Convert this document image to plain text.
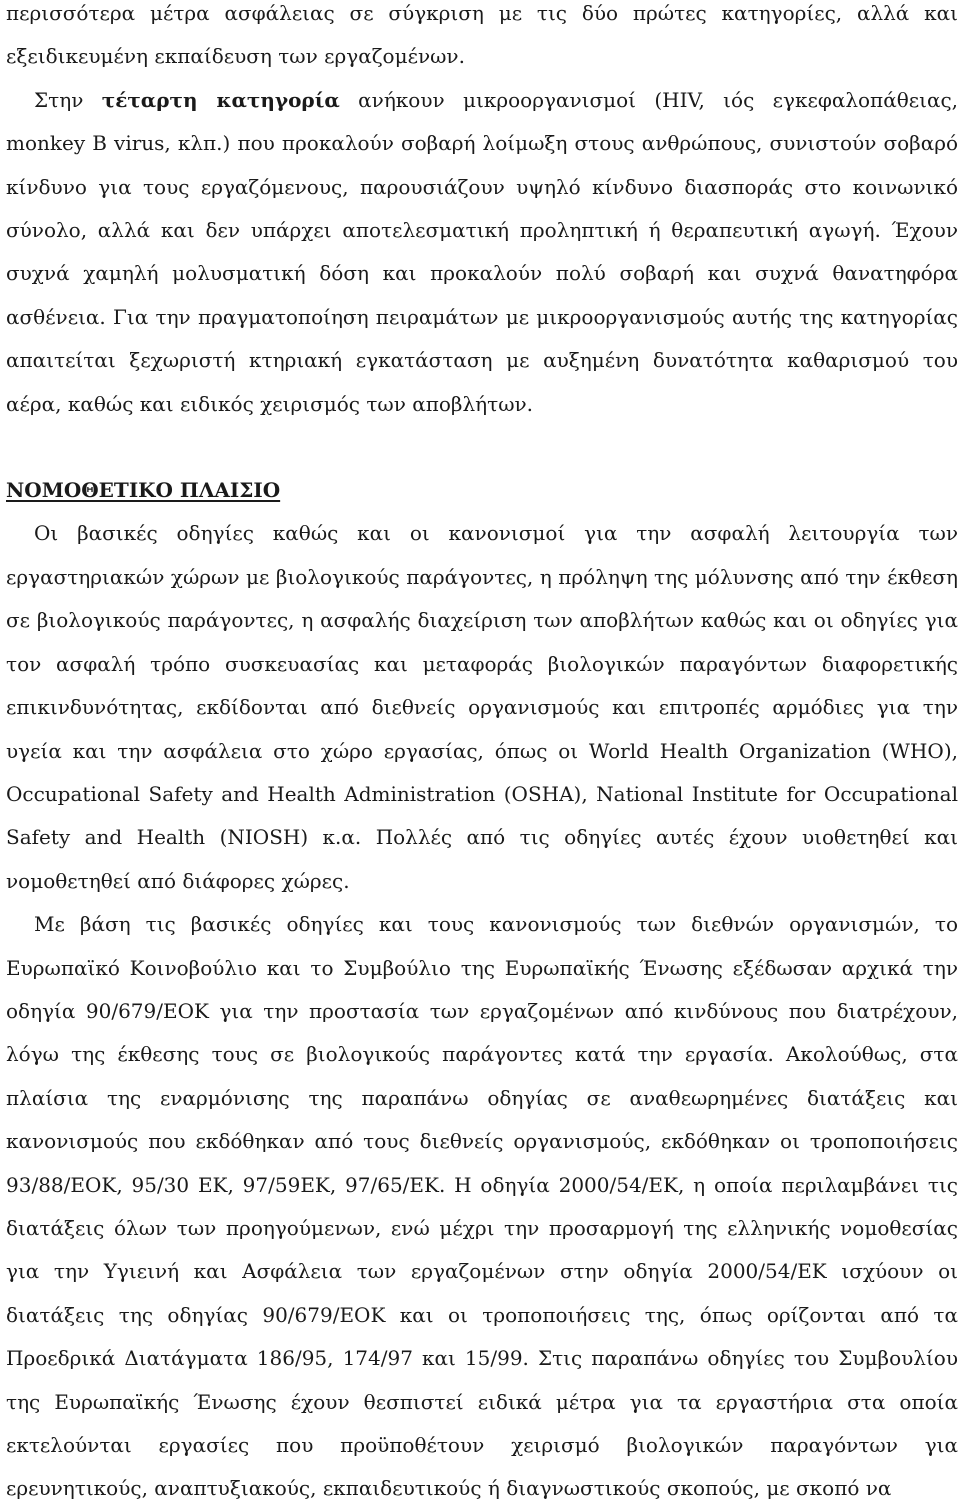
περισσότερα μέτρα ασφάλειας σε σύγκριση με τις δύο πρώτες κατηγορίες, αλλά και εξειδικευμένη εκπαίδευση των εργαζομένων.

Στην τέταρτη κατηγορία ανήκουν μικροοργανισμοί (HIV, ιός εγκεφαλοπάθειας, monkey B virus, κλπ.) που προκαλούν σοβαρή λοίμωξη στους ανθρώπους, συνιστούν σοβαρό κίνδυνο για τους εργαζόμενους, παρουσιάζουν υψηλό κίνδυνο διασποράς στο κοινωνικό σύνολο, αλλά και δεν υπάρχει αποτελεσματική προληπτική ή θεραπευτική αγωγή. Έχουν συχνά χαμηλή μολυσματική δόση και προκαλούν πολύ σοβαρή και συχνά θανατηφόρα ασθένεια. Για την πραγματοποίηση πειραμάτων με μικροοργανισμούς αυτής της κατηγορίας απαιτείται ξεχωριστή κτηριακή εγκατάσταση με αυξημένη δυνατότητα καθαρισμού του αέρα, καθώς και ειδικός χειρισμός των αποβλήτων.

ΝΟΜΟΘΕΤΙΚΟ ΠΛΑΙΣΙΟ

Οι βασικές οδηγίες καθώς και οι κανονισμοί για την ασφαλή λειτουργία των εργαστηριακών χώρων με βιολογικούς παράγοντες, η πρόληψη της μόλυνσης από την έκθεση σε βιολογικούς παράγοντες, η ασφαλής διαχείριση των αποβλήτων καθώς και οι οδηγίες για τον ασφαλή τρόπο συσκευασίας και μεταφοράς βιολογικών παραγόντων διαφορετικής επικινδυνότητας, εκδίδονται από διεθνείς οργανισμούς και επιτροπές αρμόδιες για την υγεία και την ασφάλεια στο χώρο εργασίας, όπως οι World Health Organization (WHO), Occupational Safety and Health Administration (OSHA), National Institute for Occupational Safety and Health (NIOSH) κ.α. Πολλές από τις οδηγίες αυτές έχουν υιοθετηθεί και νομοθετηθεί από διάφορες χώρες.

Με βάση τις βασικές οδηγίες και τους κανονισμούς των διεθνών οργανισμών, το Ευρωπαϊκό Κοινοβούλιο και το Συμβούλιο της Ευρωπαϊκής Ένωσης εξέδωσαν αρχικά την οδηγία 90/679/ΕΟΚ για την προστασία των εργαζομένων από κινδύνους που διατρέχουν, λόγω της έκθεσης τους σε βιολογικούς παράγοντες κατά την εργασία. Ακολούθως, στα πλαίσια της εναρμόνισης της παραπάνω οδηγίας σε αναθεωρημένες διατάξεις και κανονισμούς που εκδόθηκαν από τους διεθνείς οργανισμούς, εκδόθηκαν οι τροποποιήσεις 93/88/ΕΟΚ, 95/30 ΕΚ, 97/59ΕΚ, 97/65/ΕΚ. Η οδηγία 2000/54/ΕΚ, η οποία περιλαμβάνει τις διατάξεις όλων των προηγούμενων, ενώ μέχρι την προσαρμογή της ελληνικής νομοθεσίας για την Υγιεινή και Ασφάλεια των εργαζομένων στην οδηγία 2000/54/ΕΚ ισχύουν οι διατάξεις της οδηγίας 90/679/ΕΟΚ και οι τροποποιήσεις της, όπως ορίζονται από τα Προεδρικά Διατάγματα 186/95, 174/97 και 15/99. Στις παραπάνω οδηγίες του Συμβουλίου της Ευρωπαϊκής Ένωσης έχουν θεσπιστεί ειδικά μέτρα για τα εργαστήρια στα οποία εκτελούνται εργασίες που προϋποθέτουν χειρισμό βιολογικών παραγόντων για ερευνητικούς, αναπτυξιακούς, εκπαιδευτικούς ή διαγνωστικούς σκοπούς, με σκοπό να
